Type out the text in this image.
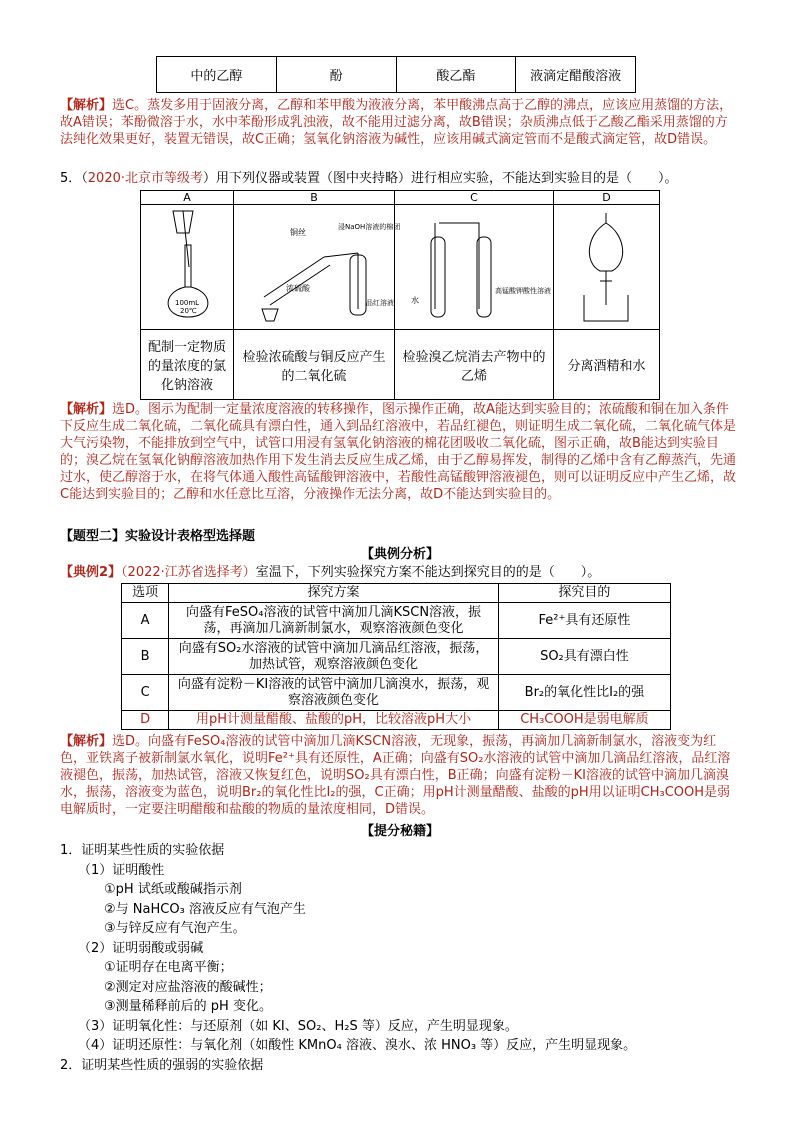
中的乙醇	酚	酸乙酯	液滴定醋酸溶液
【解析】选C。蒸发多用于固液分离，乙醇和苯甲酸为液液分离，苯甲酸沸点高于乙醇的沸点，应该应用蒸馏的方法，故A错误；苯酚微溶于水，水中苯酚形成乳浊液，故不能用过滤分离，故B错误；杂质沸点低于乙酸乙酯采用蒸馏的方法纯化效果更好，装置无错误，故C正确；氢氧化钠溶液为碱性，应该用碱式滴定管而不是酸式滴定管，故D错误。
5．（2020·北京市等级考）用下列仪器或装置（图中夹持略）进行相应实验，不能达到实验目的是（　　）。
A	B	C	D

100mL
20℃	铜丝
浸NaOH溶液的棉团
浓硫酸
品红溶液	水
高锰酸钾酸性溶液

配制一定物质的量浓度的氯化钠溶液	检验浓硫酸与铜反应产生的二氧化硫	检验溴乙烷消去产物中的乙烯	分离酒精和水
【解析】选D。图示为配制一定量浓度溶液的转移操作，图示操作正确，故A能达到实验目的；浓硫酸和铜在加入条件下反应生成二氧化硫，二氧化硫具有漂白性，通入到品红溶液中，若品红褪色，则证明生成二氧化硫，二氧化硫气体是大气污染物，不能排放到空气中，试管口用浸有氢氧化钠溶液的棉花团吸收二氧化硫，图示正确，故B能达到实验目的；溴乙烷在氢氧化钠醇溶液加热作用下发生消去反应生成乙烯，由于乙醇易挥发，制得的乙烯中含有乙醇蒸汽，先通过水，使乙醇溶于水，在将气体通入酸性高锰酸钾溶液中，若酸性高锰酸钾溶液褪色，则可以证明反应中产生乙烯，故C能达到实验目的；乙醇和水任意比互溶，分液操作无法分离，故D不能达到实验目的。
【题型二】实验设计表格型选择题
【典例分析】
【典例2】（2022·江苏省选择考）室温下，下列实验探究方案不能达到探究目的的是（　　）。
选项	探究方案	探究目的
A	向盛有FeSO₄溶液的试管中滴加几滴KSCN溶液，振荡，再滴加几滴新制氯水，观察溶液颜色变化	Fe²⁺具有还原性
B	向盛有SO₂水溶液的试管中滴加几滴品红溶液，振荡，加热试管，观察溶液颜色变化	SO₂具有漂白性
C	向盛有淀粉－KI溶液的试管中滴加几滴溴水，振荡，观察溶液颜色变化	Br₂的氧化性比I₂的强
D	用pH计测量醋酸、盐酸的pH，比较溶液pH大小	CH₃COOH是弱电解质
【解析】选D。向盛有FeSO₄溶液的试管中滴加几滴KSCN溶液，无现象，振荡，再滴加几滴新制氯水，溶液变为红色，亚铁离子被新制氯水氧化，说明Fe²⁺具有还原性，A正确；向盛有SO₂水溶液的试管中滴加几滴品红溶液，品红溶液褪色，振荡，加热试管，溶液又恢复红色，说明SO₂具有漂白性，B正确；向盛有淀粉－KI溶液的试管中滴加几滴溴水，振荡，溶液变为蓝色，说明Br₂的氧化性比I₂的强，C正确；用pH计测量醋酸、盐酸的pH用以证明CH₃COOH是弱电解质时，一定要注明醋酸和盐酸的物质的量浓度相同，D错误。
【提分秘籍】
1．证明某些性质的实验依据
（1）证明酸性
①pH 试纸或酸碱指示剂
②与 NaHCO₃ 溶液反应有气泡产生
③与锌反应有气泡产生。
（2）证明弱酸或弱碱
①证明存在电离平衡；
②测定对应盐溶液的酸碱性；
③测量稀释前后的 pH 变化。
（3）证明氧化性：与还原剂（如 KI、SO₂、H₂S 等）反应，产生明显现象。
（4）证明还原性：与氧化剂（如酸性 KMnO₄ 溶液、溴水、浓 HNO₃ 等）反应，产生明显现象。
2．证明某些性质的强弱的实验依据
